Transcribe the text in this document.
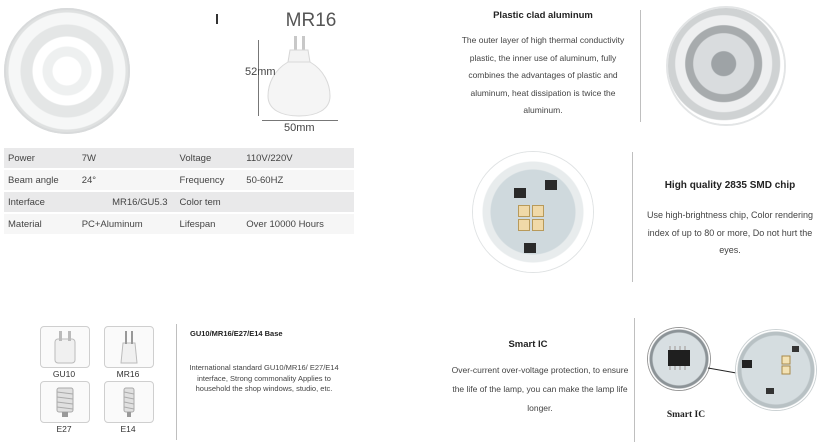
MR16
52mm
50mm
Power	7W	Voltage	110V/220V
Beam angle	24°	Frequency	50-60HZ
Interface	MR16/GU5.3	Color tem	
Material	PC+Aluminum	Lifespan	Over 10000 Hours
Plastic clad aluminum
The outer layer of high thermal conductivity plastic, the inner use of aluminum, fully combines the advantages of plastic and aluminum, heat dissipation is twice the aluminum.
High quality 2835 SMD chip
Use high-brightness chip, Color rendering index of up to 80 or more, Do not hurt the eyes.
GU10	MR16
E27	E14
GU10/MR16/E27/E14 Base
International standard GU10/MR16/ E27/E14 interface, Strong commonality Applies to household the shop windows, studio, etc.
Smart IC
Over-current over-voltage protection, to ensure the life of the lamp, you can make the lamp life longer.
Smart IC
